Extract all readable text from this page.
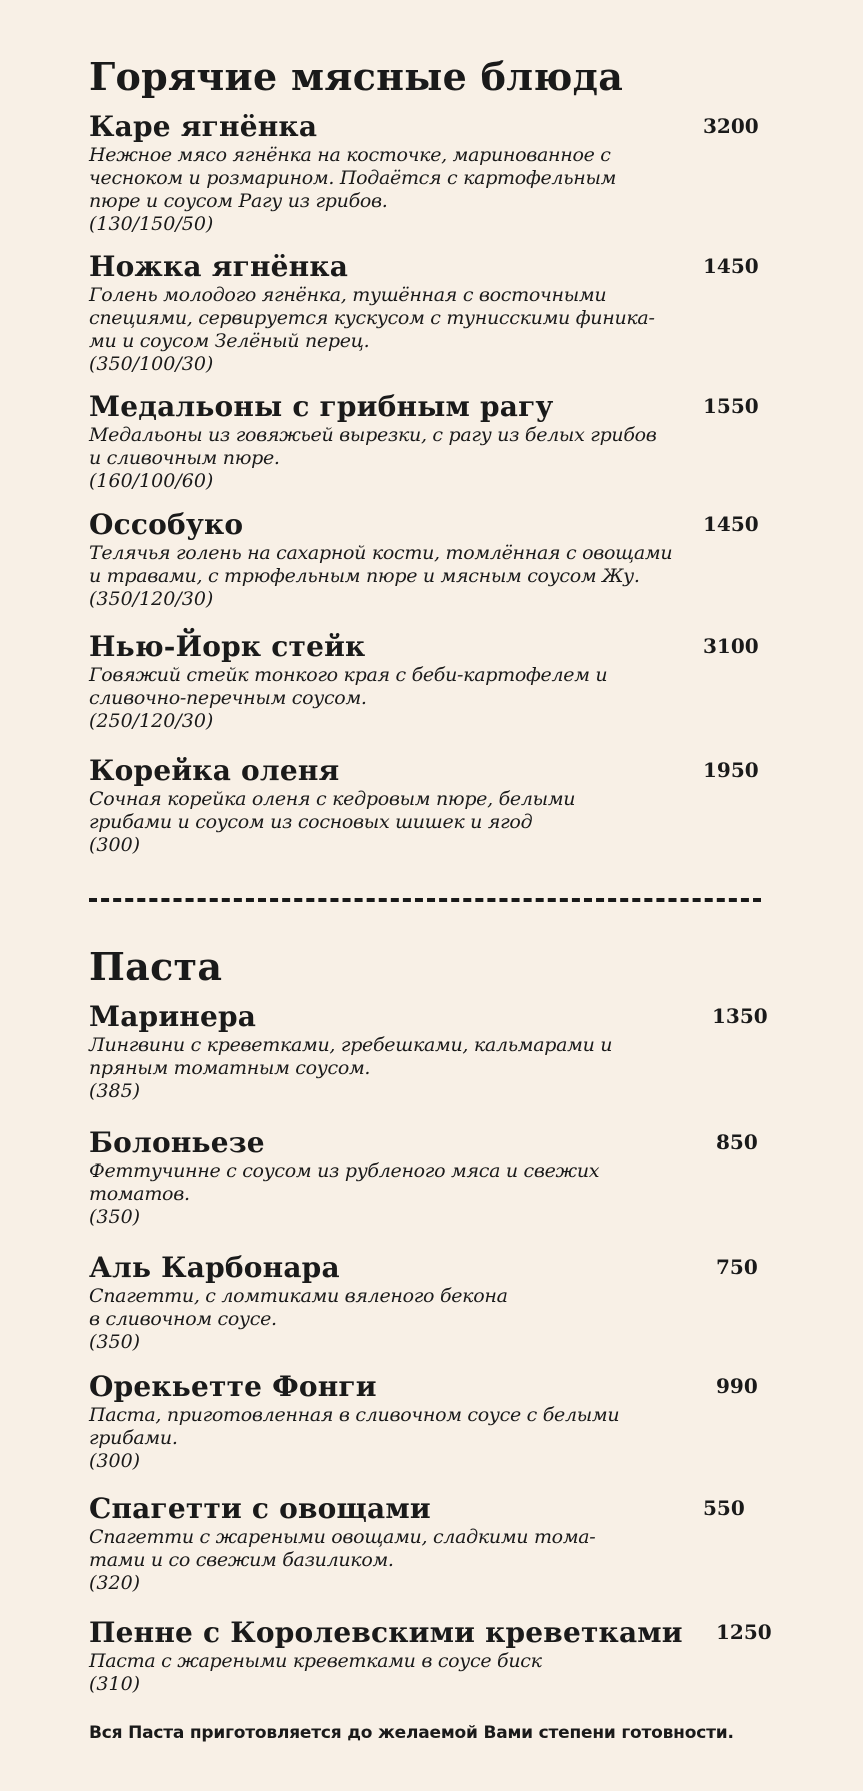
Горячие мясные блюда
Каре ягнёнка	3200
Нежное мясо ягнёнка на косточке, маринованное с
чесноком и розмарином. Подаётся с картофельным
пюре и соусом Рагу из грибов.
(130/150/50)
Ножка ягнёнка	1450
Голень молодого ягнёнка, тушённая с восточными
специями, сервируется кускусом с тунисскими финика-
ми и соусом Зелёный перец.
(350/100/30)
Медальоны с грибным рагу	1550
Медальоны из говяжьей вырезки, с рагу из белых грибов
и сливочным пюре.
(160/100/60)
Оссобуко	1450
Телячья голень на сахарной кости, томлённая с овощами
и травами, с трюфельным пюре и мясным соусом Жу.
(350/120/30)
Нью-Йорк стейк	3100
Говяжий стейк тонкого края с беби-картофелем и
сливочно-перечным соусом.
(250/120/30)
Корейка оленя	1950
Сочная корейка оленя с кедровым пюре, белыми
грибами и соусом из сосновых шишек и ягод
(300)
Паста
Маринера	1350
Лингвини с креветками, гребешками, кальмарами и
пряным томатным соусом.
(385)
Болоньезе	850
Феттучинне с соусом из рубленого мяса и свежих
томатов.
(350)
Аль Карбонара	750
Спагетти, с ломтиками вяленого бекона
в сливочном соусе.
(350)
Орекьетте Фонги	990
Паста, приготовленная в сливочном соусе с белыми
грибами.
(300)
Спагетти с овощами	550
Спагетти с жареными овощами, сладкими тома-
тами и со свежим базиликом.
(320)
Пенне с Королевскими креветками	1250
Паста с жареными креветками в соусе биск
(310)
Вся Паста приготовляется до желаемой Вами степени готовности.
